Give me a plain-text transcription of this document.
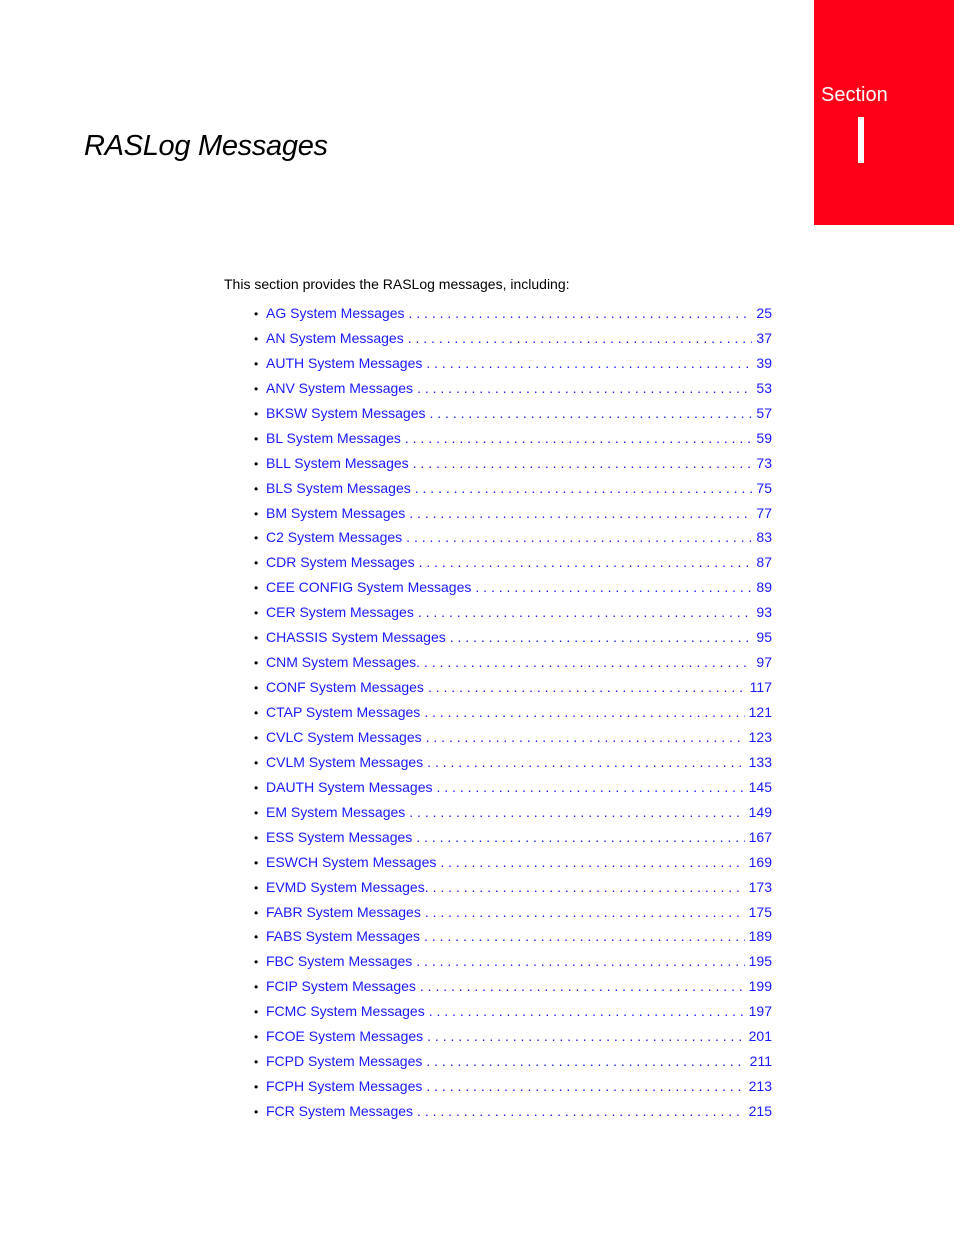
Section
RASLog Messages

This section provides the RASLog messages, including:

• AG System Messages . . .	25
• AN System Messages . . .	37
• AUTH System Messages . . .	39
• ANV System Messages . . .	53
• BKSW System Messages . . .	57
• BL System Messages . . .	59
• BLL System Messages . . .	73
• BLS System Messages . . .	75
• BM System Messages . . .	77
• C2 System Messages . . .	83
• CDR System Messages . . .	87
• CEE CONFIG System Messages . . .	89
• CER System Messages . . .	93
• CHASSIS System Messages . . .	95
• CNM System Messages. . . .	97
• CONF System Messages . . .	117
• CTAP System Messages . . .	121
• CVLC System Messages . . .	123
• CVLM System Messages . . .	133
• DAUTH System Messages . . .	145
• EM System Messages . . .	149
• ESS System Messages . . .	167
• ESWCH System Messages . . .	169
• EVMD System Messages. . . .	173
• FABR System Messages . . .	175
• FABS System Messages . . .	189
• FBC System Messages . . .	195
• FCIP System Messages . . .	199
• FCMC System Messages . . .	197
• FCOE System Messages . . .	201
• FCPD System Messages . . .	211
• FCPH System Messages . . .	213
• FCR System Messages . . .	215
